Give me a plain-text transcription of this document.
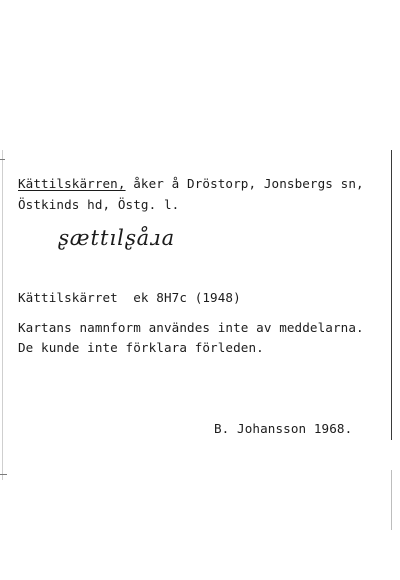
Kättilskärren, åker å Dröstorp, Jonsbergs sn,
Östkinds hd, Östg. l.
ʂættılʂåɹa
Kättilskärret  ek 8H7c (1948)
Kartans namnform användes inte av meddelarna.
De kunde inte förklara förleden.
B. Johansson 1968.
